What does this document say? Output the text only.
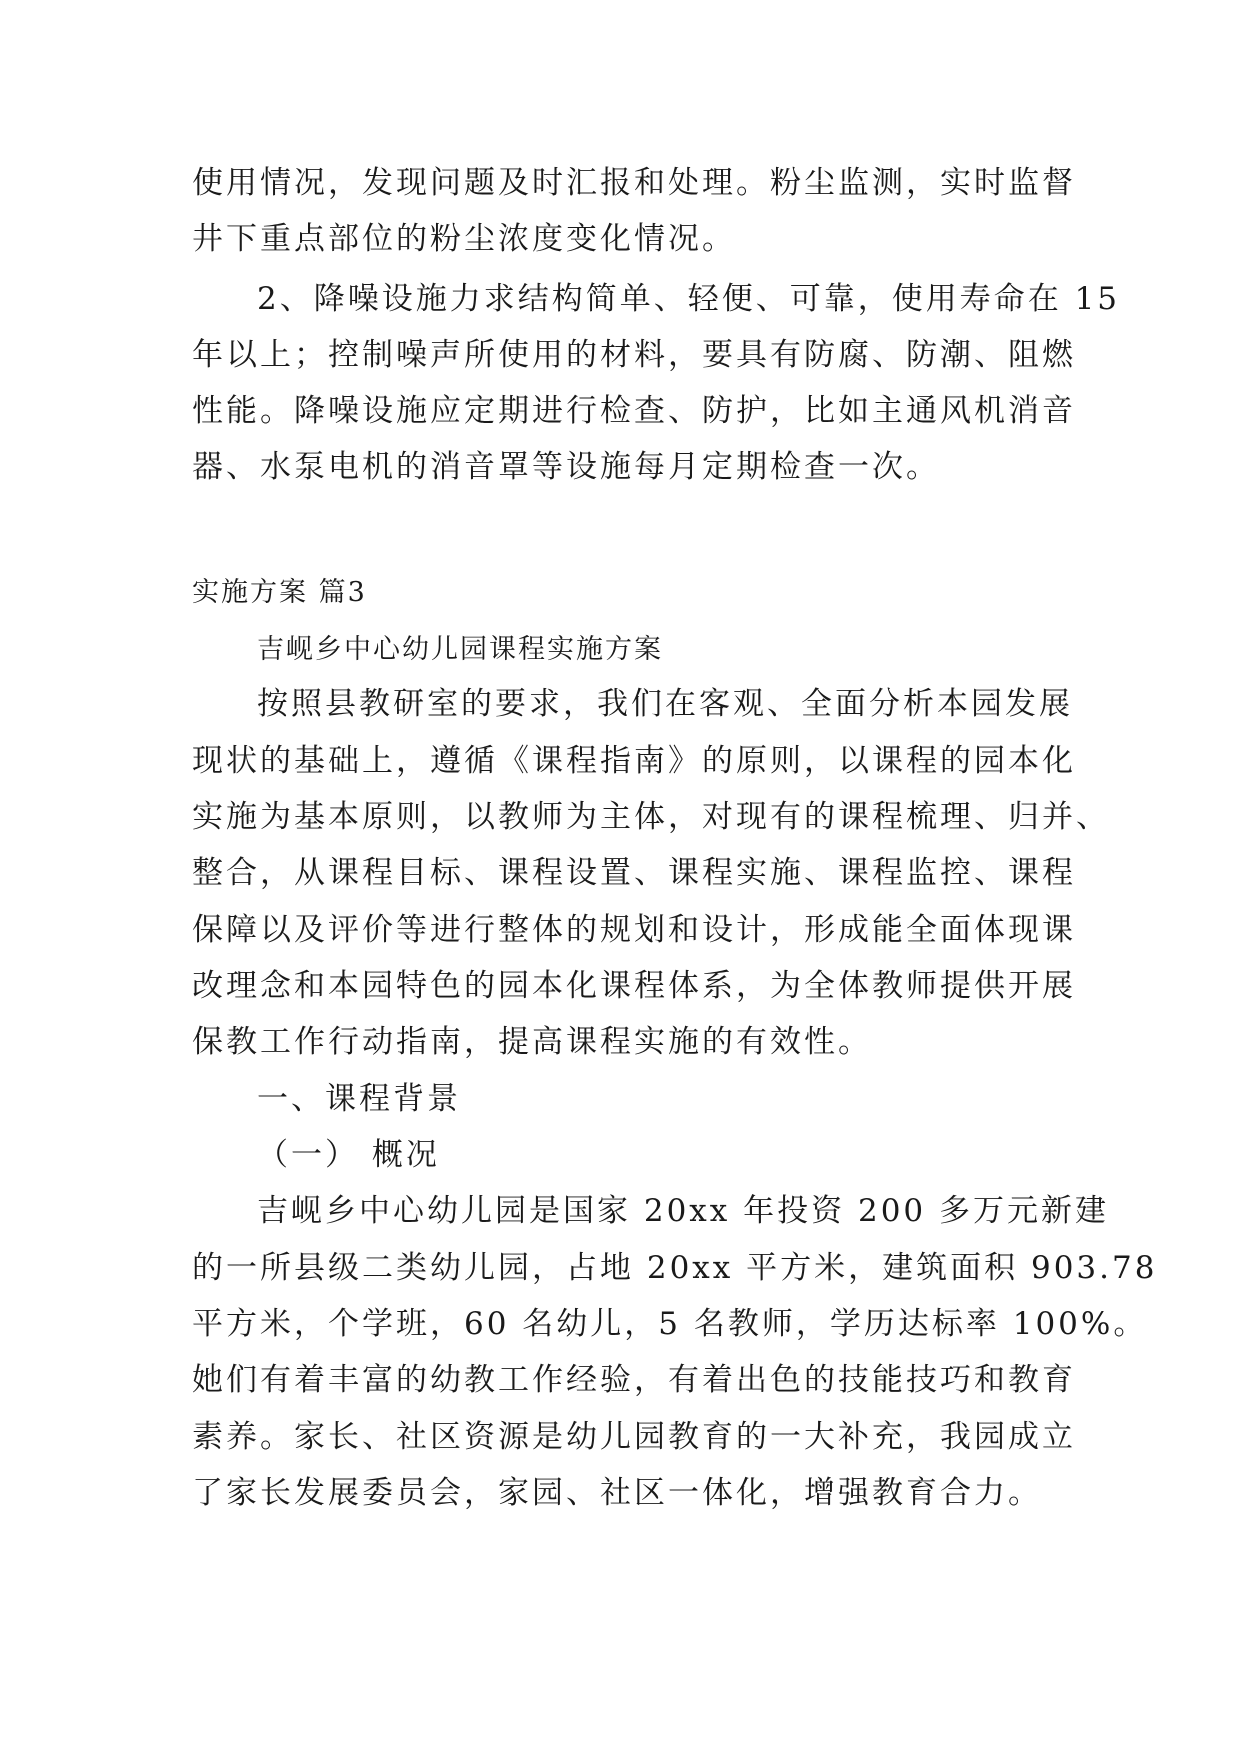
使用情况，发现问题及时汇报和处理。粉尘监测，实时监督
井下重点部位的粉尘浓度变化情况。
2、降噪设施力求结构简单、轻便、可靠，使用寿命在 15
年以上；控制噪声所使用的材料，要具有防腐、防潮、阻燃
性能。降噪设施应定期进行检查、防护，比如主通风机消音
器、水泵电机的消音罩等设施每月定期检查一次。
实施方案 篇3
吉岘乡中心幼儿园课程实施方案
按照县教研室的要求，我们在客观、全面分析本园发展
现状的基础上，遵循《课程指南》的原则，以课程的园本化
实施为基本原则，以教师为主体，对现有的课程梳理、归并、
整合，从课程目标、课程设置、课程实施、课程监控、课程
保障以及评价等进行整体的规划和设计，形成能全面体现课
改理念和本园特色的园本化课程体系，为全体教师提供开展
保教工作行动指南，提高课程实施的有效性。
一、课程背景
（一） 概况
吉岘乡中心幼儿园是国家 20xx 年投资 200 多万元新建
的一所县级二类幼儿园，占地 20xx 平方米，建筑面积 903.78
平方米，个学班，60 名幼儿，5 名教师，学历达标率 100%。
她们有着丰富的幼教工作经验，有着出色的技能技巧和教育
素养。家长、社区资源是幼儿园教育的一大补充，我园成立
了家长发展委员会，家园、社区一体化，增强教育合力。
